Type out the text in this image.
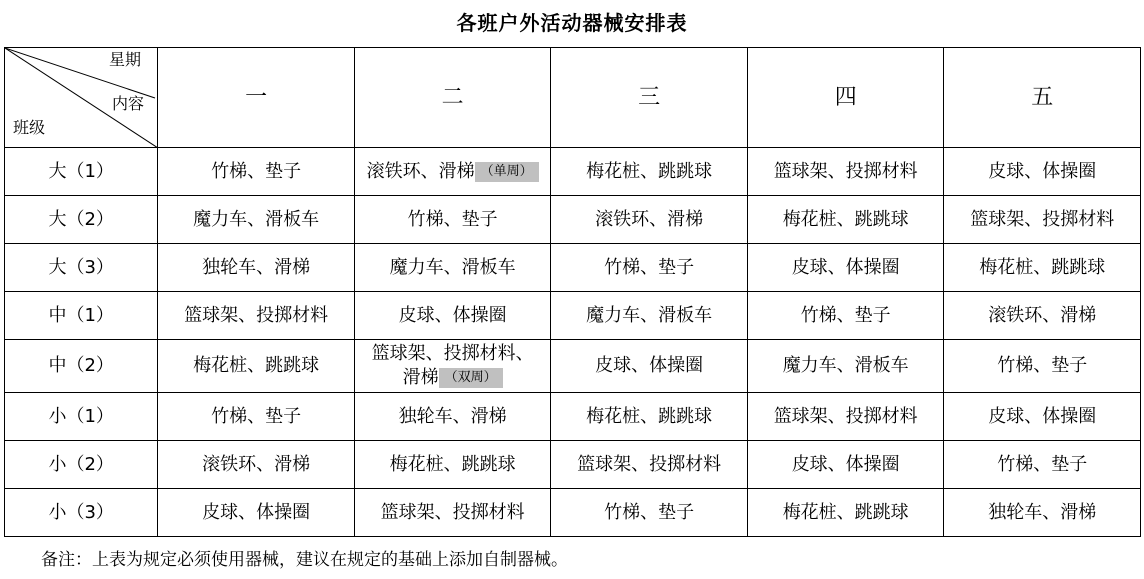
各班户外活动器械安排表
星期
内容
班级	一	二	三	四	五
大（1）	竹梯、垫子	滚铁环、滑梯 （单周）	梅花桩、跳跳球	篮球架、投掷材料	皮球、体操圈
大（2）	魔力车、滑板车	竹梯、垫子	滚铁环、滑梯	梅花桩、跳跳球	篮球架、投掷材料
大（3）	独轮车、滑梯	魔力车、滑板车	竹梯、垫子	皮球、体操圈	梅花桩、跳跳球
中（1）	篮球架、投掷材料	皮球、体操圈	魔力车、滑板车	竹梯、垫子	滚铁环、滑梯
中（2）	梅花桩、跳跳球	篮球架、投掷材料、
滑梯 （双周）	皮球、体操圈	魔力车、滑板车	竹梯、垫子
小（1）	竹梯、垫子	独轮车、滑梯	梅花桩、跳跳球	篮球架、投掷材料	皮球、体操圈
小（2）	滚铁环、滑梯	梅花桩、跳跳球	篮球架、投掷材料	皮球、体操圈	竹梯、垫子
小（3）	皮球、体操圈	篮球架、投掷材料	竹梯、垫子	梅花桩、跳跳球	独轮车、滑梯
备注：上表为规定必须使用器械，建议在规定的基础上添加自制器械。
